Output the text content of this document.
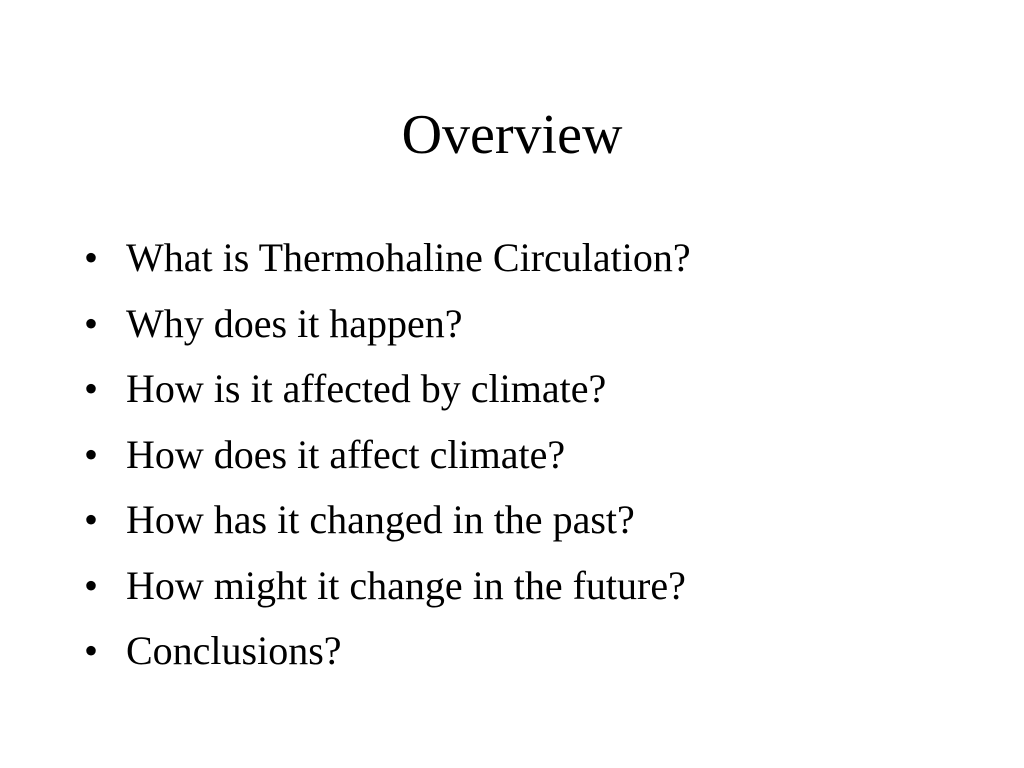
Overview
• What is Thermohaline Circulation?
• Why does it happen?
• How is it affected by climate?
• How does it affect climate?
• How has it changed in the past?
• How might it change in the future?
• Conclusions?
